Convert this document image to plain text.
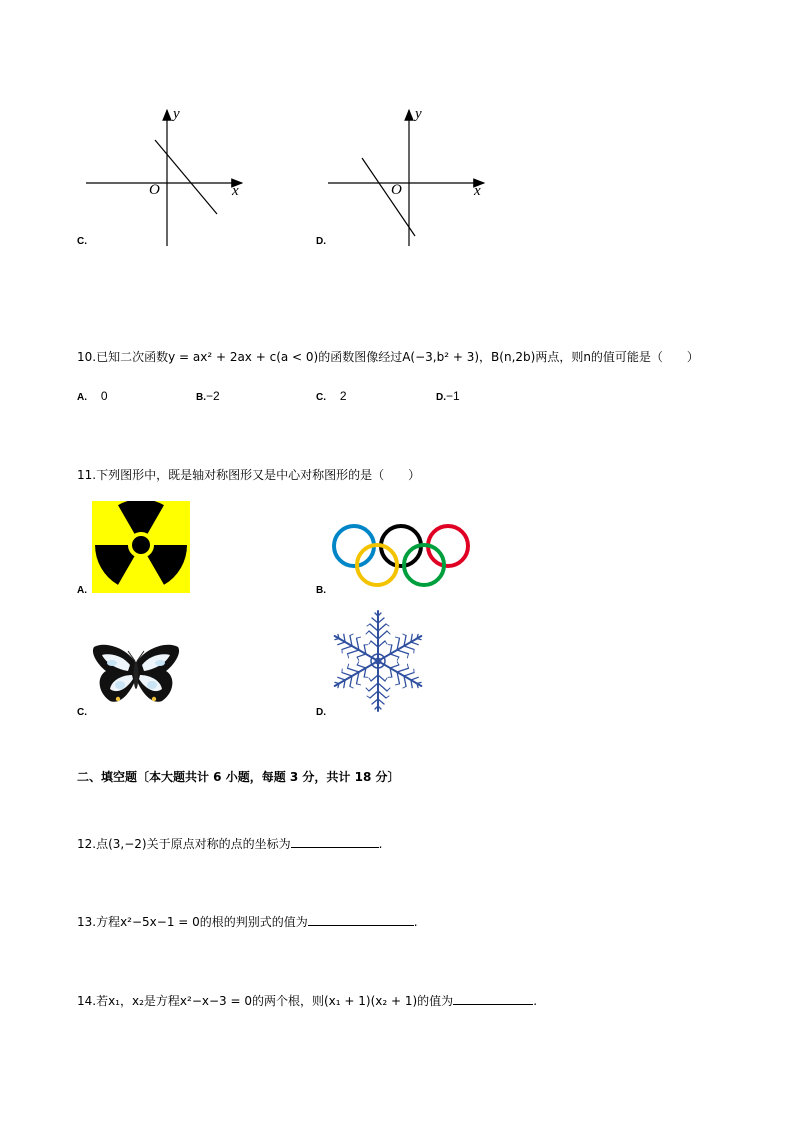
y
x
O
C.
y
x
O
D.
10.已知二次函数y = ax² + 2ax + c(a < 0)的函数图像经过A(−3,b² + 3)，B(n,2b)两点，则n的值可能是（　　）
A. 0	B.−2	C. 2	D.−1
11.下列图形中，既是轴对称图形又是中心对称图形的是（　　）
A.	B.
C.	D.
二、填空题〔本大题共计 6 小题，每题 3 分，共计 18 分〕
12.点(3,−2)关于原点对称的点的坐标为	.
13.方程x²−5x−1 = 0的根的判别式的值为	.
14.若x₁，x₂是方程x²−x−3 = 0的两个根，则(x₁ + 1)(x₂ + 1)的值为	.
